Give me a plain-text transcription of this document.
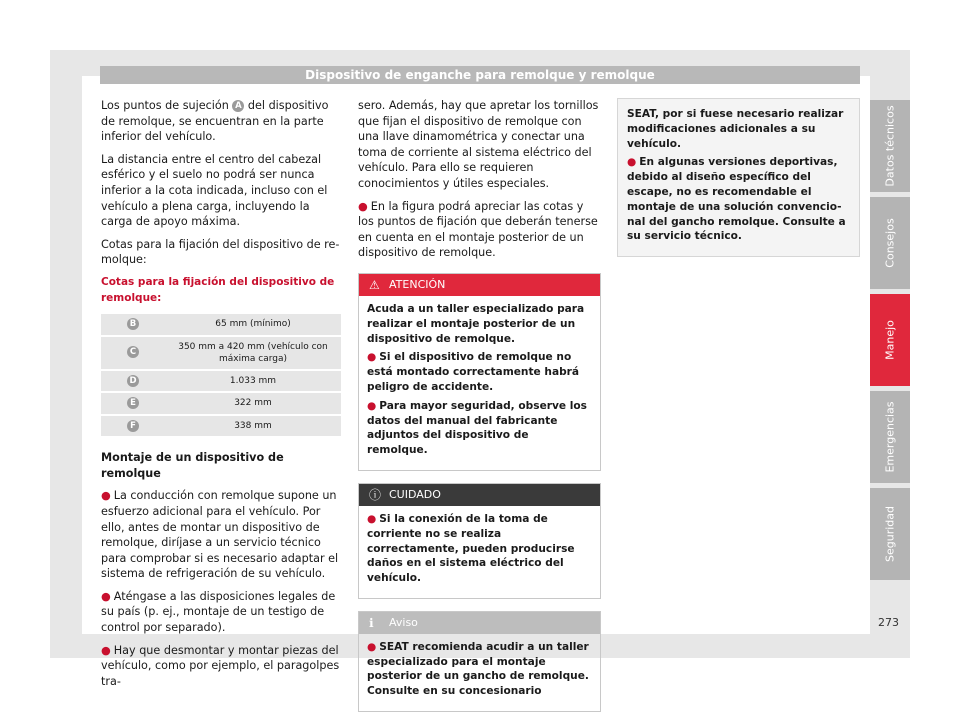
Dispositivo de enganche para remolque y remolque

Los puntos de sujeción A del dispositivo de remolque, se encuentran en la parte inferior del vehículo.

La distancia entre el centro del cabezal esférico y el suelo no podrá ser nunca inferior a la cota indicada, incluso con el vehículo a plena carga, incluyendo la carga de apoyo máxima.

Cotas para la fijación del dispositivo de remolque:

Cotas para la fijación del dispositivo de remolque:
B	65 mm (mínimo)
C	350 mm a 420 mm (vehículo con máxima carga)
D	1.033 mm
E	322 mm
F	338 mm

Montaje de un dispositivo de remolque

● La conducción con remolque supone un esfuerzo adicional para el vehículo. Por ello, antes de montar un dispositivo de remolque, diríjase a un servicio técnico para comprobar si es necesario adaptar el sistema de refrigeración de su vehículo.

● Aténgase a las disposiciones legales de su país (p. ej., montaje de un testigo de control por separado).

● Hay que desmontar y montar piezas del vehículo, como por ejemplo, el paragolpes tra-

sero. Además, hay que apretar los tornillos que fijan el dispositivo de remolque con una llave dinamométrica y conectar una toma de corriente al sistema eléctrico del vehículo. Para ello se requieren conocimientos y útiles especiales.

● En la figura podrá apreciar las cotas y los puntos de fijación que deberán tenerse en cuenta en el montaje posterior de un dispositivo de remolque.

⚠ ATENCIÓN

Acuda a un taller especializado para realizar el montaje posterior de un dispositivo de remolque.

● Si el dispositivo de remolque no está montado correctamente habrá peligro de accidente.

● Para mayor seguridad, observe los datos del manual del fabricante adjuntos del dispositivo de remolque.

ⓘ CUIDADO

● Si la conexión de la toma de corriente no se realiza correctamente, pueden producirse daños en el sistema eléctrico del vehículo.

ℹ Aviso

● SEAT recomienda acudir a un taller especializado para el montaje posterior de un gancho de remolque. Consulte en su concesionario

SEAT, por si fuese necesario realizar modificaciones adicionales a su vehículo.

● En algunas versiones deportivas, debido al diseño específico del escape, no es recomendable el montaje de una solución convencional del gancho remolque. Consulte a su servicio técnico.

Datos técnicos
Consejos
Manejo
Emergencias
Seguridad
273
